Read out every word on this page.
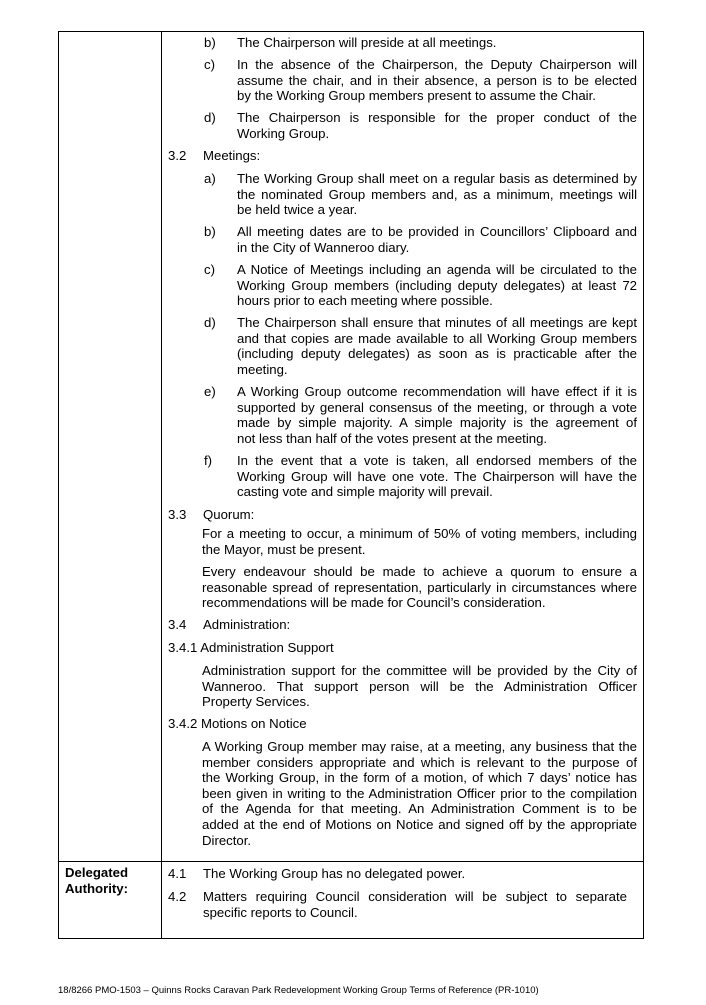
b) The Chairperson will preside at all meetings.
c) In the absence of the Chairperson, the Deputy Chairperson will
assume the chair, and in their absence, a person is to be elected
by the Working Group members present to assume the Chair.
d) The Chairperson is responsible for the proper conduct of the
Working Group.
3.2 Meetings:
a) The Working Group shall meet on a regular basis as determined by
the nominated Group members and, as a minimum, meetings will
be held twice a year.
b) All meeting dates are to be provided in Councillors’ Clipboard and
in the City of Wanneroo diary.
c) A Notice of Meetings including an agenda will be circulated to the
Working Group members (including deputy delegates) at least 72
hours prior to each meeting where possible.
d) The Chairperson shall ensure that minutes of all meetings are kept
and that copies are made available to all Working Group members
(including deputy delegates) as soon as is practicable after the
meeting.
e) A Working Group outcome recommendation will have effect if it is
supported by general consensus of the meeting, or through a vote
made by simple majority. A simple majority is the agreement of
not less than half of the votes present at the meeting.
f) In the event that a vote is taken, all endorsed members of the
Working Group will have one vote. The Chairperson will have the
casting vote and simple majority will prevail.
3.3 Quorum:
For a meeting to occur, a minimum of 50% of voting members, including
the Mayor, must be present.
Every endeavour should be made to achieve a quorum to ensure a
reasonable spread of representation, particularly in circumstances where
recommendations will be made for Council’s consideration.
3.4 Administration:
3.4.1 Administration Support
Administration support for the committee will be provided by the City of
Wanneroo. That support person will be the Administration Officer
Property Services.
3.4.2 Motions on Notice
A Working Group member may raise, at a meeting, any business that the
member considers appropriate and which is relevant to the purpose of
the Working Group, in the form of a motion, of which 7 days’ notice has
been given in writing to the Administration Officer prior to the compilation
of the Agenda for that meeting. An Administration Comment is to be
added at the end of Motions on Notice and signed off by the appropriate
Director.
Delegated
Authority:
4.1 The Working Group has no delegated power.
4.2 Matters requiring Council consideration will be subject to separate
specific reports to Council.
18/8266 PMO-1503 – Quinns Rocks Caravan Park Redevelopment Working Group Terms of Reference (PR-1010)
